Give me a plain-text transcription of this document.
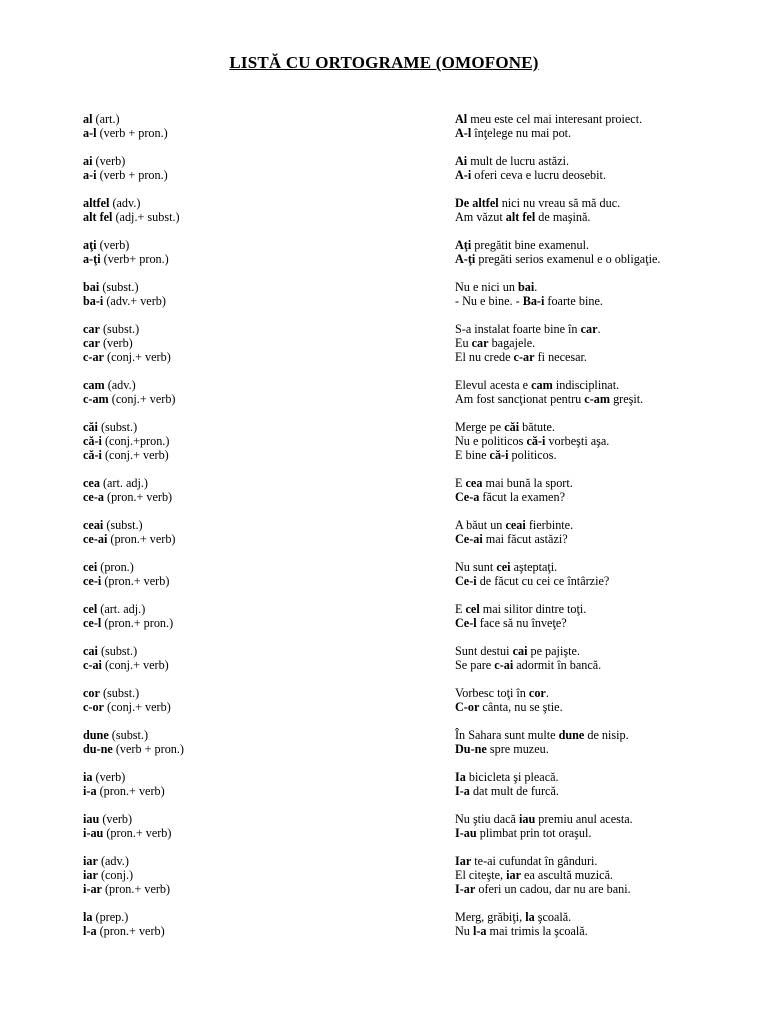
LISTĂ CU ORTOGRAME (OMOFONE)
al (art.)
a-l (verb + pron.)
Al meu este cel mai interesant proiect.
A-l înţelege nu mai pot.
ai (verb)
a-i (verb + pron.)
Ai mult de lucru astăzi.
A-i oferi ceva e lucru deosebit.
altfel (adv.)
alt fel (adj.+ subst.)
De altfel nici nu vreau să mă duc.
Am văzut alt fel de maşină.
aţi (verb)
a-ţi (verb+ pron.)
Aţi pregătit bine examenul.
A-ţi pregăti serios examenul e o obligaţie.
bai (subst.)
ba-i (adv.+ verb)
Nu e nici un bai.
- Nu e bine. - Ba-i foarte bine.
car (subst.)
car (verb)
c-ar (conj.+ verb)
S-a instalat foarte bine în car.
Eu car bagajele.
El nu crede c-ar fi necesar.
cam (adv.)
c-am (conj.+ verb)
Elevul acesta e cam indisciplinat.
Am fost sancţionat pentru c-am greşit.
căi (subst.)
că-i (conj.+pron.)
că-i (conj.+ verb)
Merge pe căi bătute.
Nu e politicos că-i vorbeşti aşa.
E bine că-i politicos.
cea (art. adj.)
ce-a (pron.+ verb)
E cea mai bună la sport.
Ce-a făcut la examen?
ceai (subst.)
ce-ai (pron.+ verb)
A băut un ceai fierbinte.
Ce-ai mai făcut astăzi?
cei (pron.)
ce-i (pron.+ verb)
Nu sunt cei aşteptaţi.
Ce-i de făcut cu cei ce întârzie?
cel (art. adj.)
ce-l (pron.+ pron.)
E cel mai silitor dintre toţi.
Ce-l face să nu înveţe?
cai (subst.)
c-ai (conj.+ verb)
Sunt destui cai pe pajişte.
Se pare c-ai adormit în bancă.
cor (subst.)
c-or (conj.+ verb)
Vorbesc toţi în cor.
C-or cânta, nu se ştie.
dune (subst.)
du-ne (verb + pron.)
În Sahara sunt multe dune de nisip.
Du-ne spre muzeu.
ia (verb)
i-a (pron.+ verb)
Ia bicicleta şi pleacă.
I-a dat mult de furcă.
iau (verb)
i-au (pron.+ verb)
Nu ştiu dacă iau premiu anul acesta.
I-au plimbat prin tot oraşul.
iar (adv.)
iar (conj.)
i-ar (pron.+ verb)
Iar te-ai cufundat în gânduri.
El citeşte, iar ea ascultă muzică.
I-ar oferi un cadou, dar nu are bani.
la (prep.)
l-a (pron.+ verb)
Merg, grăbiţi, la şcoală.
Nu l-a mai trimis la şcoală.
